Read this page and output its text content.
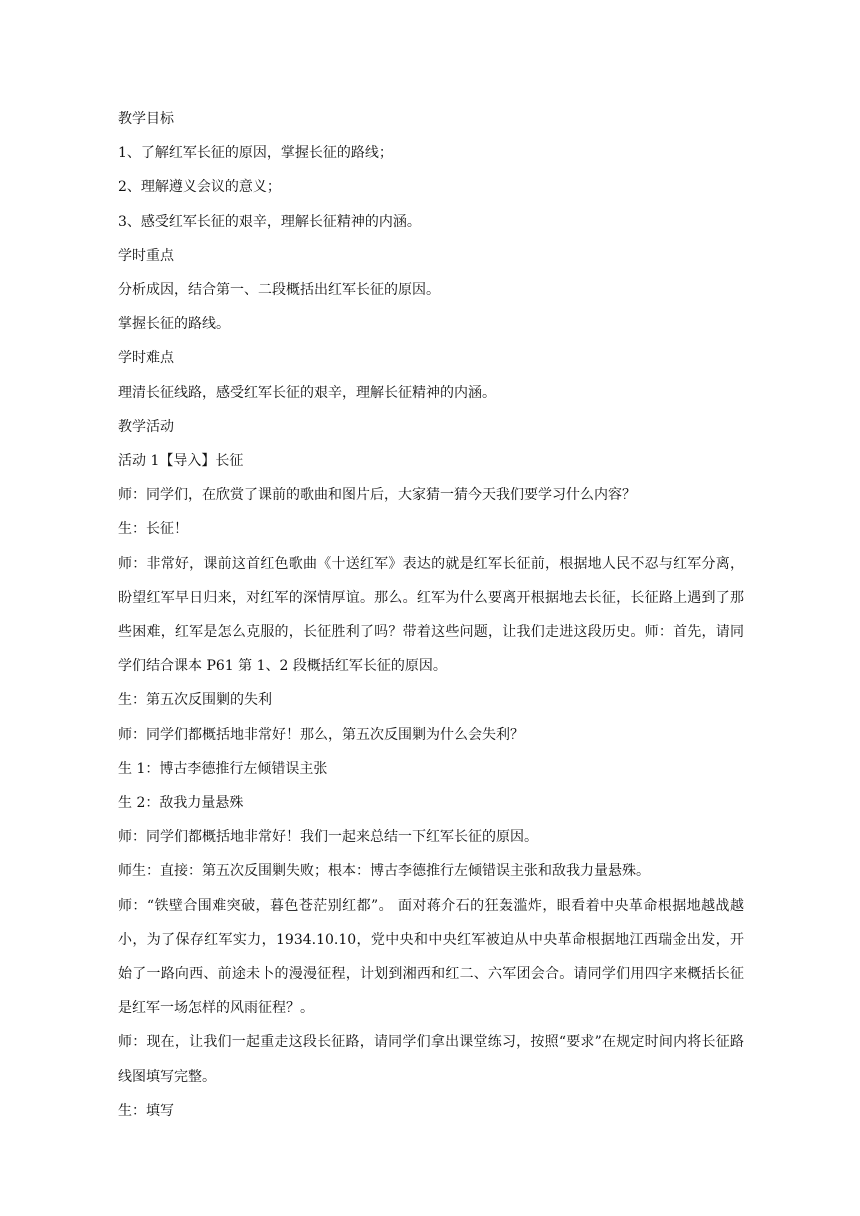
教学目标

1、了解红军长征的原因，掌握长征的路线；

2、理解遵义会议的意义；

3、感受红军长征的艰辛，理解长征精神的内涵。

学时重点

分析成因，结合第一、二段概括出红军长征的原因。

掌握长征的路线。

学时难点

理清长征线路，感受红军长征的艰辛，理解长征精神的内涵。

教学活动

活动 1【导入】长征

师：同学们，在欣赏了课前的歌曲和图片后，大家猜一猜今天我们要学习什么内容？

生：长征！

师：非常好，课前这首红色歌曲《十送红军》表达的就是红军长征前，根据地人民不忍与红军分离，盼望红军早日归来，对红军的深情厚谊。那么。红军为什么要离开根据地去长征，长征路上遇到了那些困难，红军是怎么克服的，长征胜利了吗？带着这些问题，让我们走进这段历史。师：首先，请同学们结合课本 P61 第 1、2 段概括红军长征的原因。

生：第五次反围剿的失利

师：同学们都概括地非常好！那么，第五次反围剿为什么会失利？

生 1：博古李德推行左倾错误主张

生 2：敌我力量悬殊

师：同学们都概括地非常好！我们一起来总结一下红军长征的原因。

师生：直接：第五次反围剿失败；根本：博古李德推行左倾错误主张和敌我力量悬殊。

师：“铁壁合围难突破，暮色苍茫别红都”。 面对蒋介石的狂轰滥炸，眼看着中央革命根据地越战越小，为了保存红军实力，1934.10.10，党中央和中央红军被迫从中央革命根据地江西瑞金出发，开始了一路向西、前途未卜的漫漫征程，计划到湘西和红二、六军团会合。请同学们用四字来概括长征是红军一场怎样的风雨征程？。

师：现在，让我们一起重走这段长征路，请同学们拿出课堂练习，按照“要求”在规定时间内将长征路线图填写完整。

生：填写
